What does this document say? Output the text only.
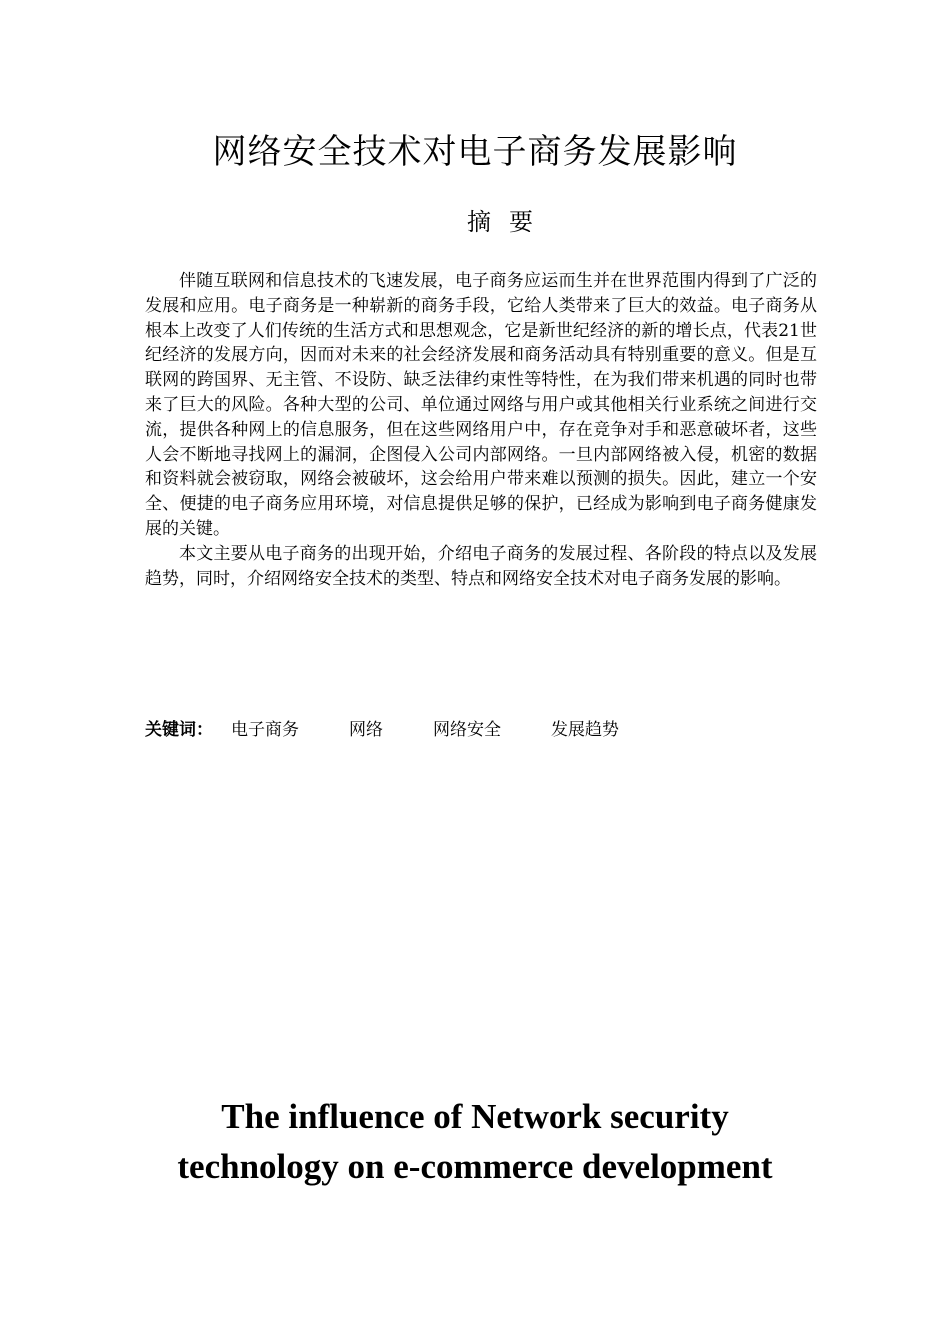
网络安全技术对电子商务发展影响
摘 要

伴随互联网和信息技术的飞速发展，电子商务应运而生并在世界范围内得到了广泛的发展和应用。电子商务是一种崭新的商务手段，它给人类带来了巨大的效益。电子商务从根本上改变了人们传统的生活方式和思想观念，它是新世纪经济的新的增长点，代表21世纪经济的发展方向，因而对未来的社会经济发展和商务活动具有特别重要的意义。但是互联网的跨国界、无主管、不设防、缺乏法律约束性等特性，在为我们带来机遇的同时也带来了巨大的风险。各种大型的公司、单位通过网络与用户或其他相关行业系统之间进行交流，提供各种网上的信息服务，但在这些网络用户中，存在竞争对手和恶意破坏者，这些人会不断地寻找网上的漏洞，企图侵入公司内部网络。一旦内部网络被入侵，机密的数据和资料就会被窃取，网络会被破坏，这会给用户带来难以预测的损失。因此，建立一个安全、便捷的电子商务应用环境，对信息提供足够的保护，已经成为影响到电子商务健康发展的关键。

本文主要从电子商务的出现开始，介绍电子商务的发展过程、各阶段的特点以及发展趋势，同时，介绍网络安全技术的类型、特点和网络安全技术对电子商务发展的影响。

关键词： 电子商务	网络	网络安全	发展趋势
The influence of Network security
technology on e-commerce development
